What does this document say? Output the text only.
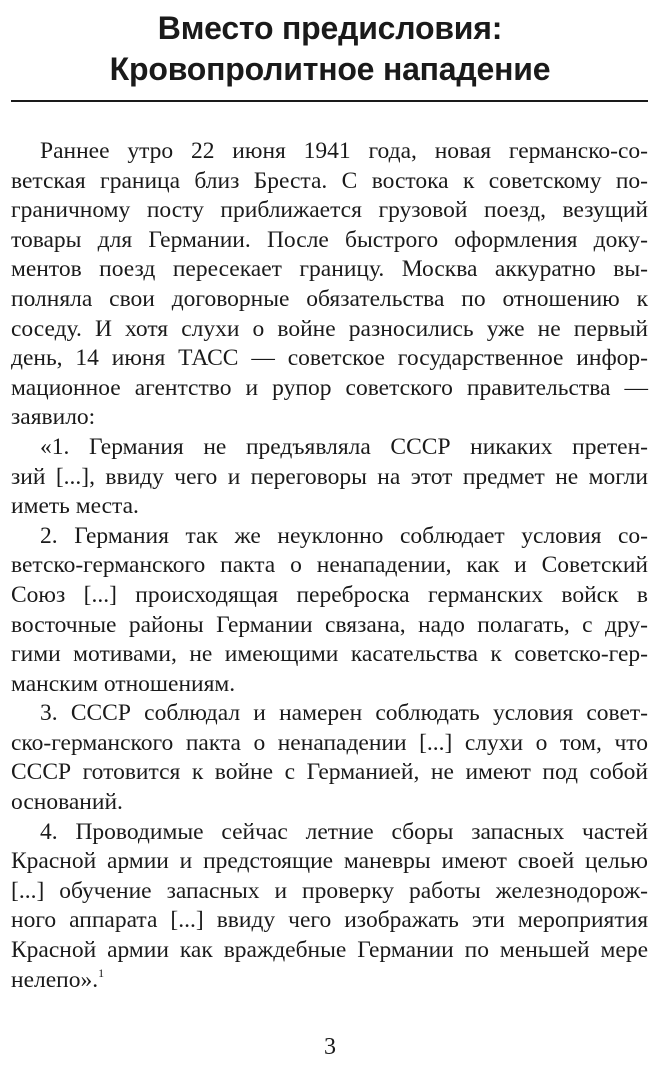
Вместо предисловия:
Кровопролитное нападение
Раннее утро 22 июня 1941 года, новая германско-со-
ветская граница близ Бреста. С востока к советскому по-
граничному посту приближается грузовой поезд, везущий
товары для Германии. После быстрого оформления доку-
ментов поезд пересекает границу. Москва аккуратно вы-
полняла свои договорные обязательства по отношению к
соседу. И хотя слухи о войне разносились уже не первый
день, 14 июня ТАСС — советское государственное инфор-
мационное агентство и рупор советского правительства —
заявило:
«1. Германия не предъявляла СССР никаких претен-
зий [...], ввиду чего и переговоры на этот предмет не могли
иметь места.
2. Германия так же неуклонно соблюдает условия со-
ветско-германского пакта о ненападении, как и Советский
Союз [...] происходящая переброска германских войск в
восточные районы Германии связана, надо полагать, с дру-
гими мотивами, не имеющими касательства к советско-гер-
манским отношениям.
3. СССР соблюдал и намерен соблюдать условия совет-
ско-германского пакта о ненападении [...] слухи о том, что
СССР готовится к войне с Германией, не имеют под собой
оснований.
4. Проводимые сейчас летние сборы запасных частей
Красной армии и предстоящие маневры имеют своей целью
[...] обучение запасных и проверку работы железнодорож-
ного аппарата [...] ввиду чего изображать эти мероприятия
Красной армии как враждебные Германии по меньшей мере
нелепо».$^1$
3
